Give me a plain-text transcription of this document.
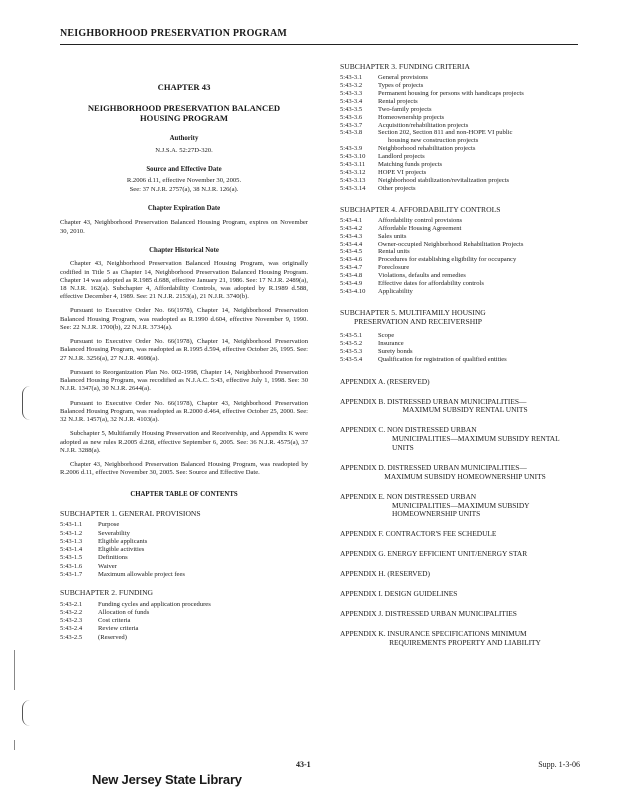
NEIGHBORHOOD PRESERVATION PROGRAM
CHAPTER 43
NEIGHBORHOOD PRESERVATION BALANCED
HOUSING PROGRAM
Authority
N.J.S.A. 52:27D-320.
Source and Effective Date
R.2006 d.11, effective November 30, 2005.
See: 37 N.J.R. 2757(a), 38 N.J.R. 126(a).
Chapter Expiration Date
Chapter 43, Neighborhood Preservation Balanced Housing Program, expires on November 30, 2010.
Chapter Historical Note
Chapter 43, Neighborhood Preservation Balanced Housing Program, was originally codified in Title 5 as Chapter 14, Neighborhood Preservation Balanced Housing Program. Chapter 14 was adopted as R.1985 d.688, effective January 21, 1986. See: 17 N.J.R. 2489(a), 18 N.J.R. 162(a). Subchapter 4, Affordability Controls, was adopted by R.1989 d.588, effective December 4, 1989. See: 21 N.J.R. 2153(a), 21 N.J.R. 3740(b).
Pursuant to Executive Order No. 66(1978), Chapter 14, Neighborhood Preservation Balanced Housing Program, was readopted as R.1990 d.604, effective November 9, 1990. See: 22 N.J.R. 1700(b), 22 N.J.R. 3734(a).
Pursuant to Executive Order No. 66(1978), Chapter 14, Neighborhood Preservation Balanced Housing Program, was readopted as R.1995 d.594, effective October 26, 1995. See: 27 N.J.R. 3256(a), 27 N.J.R. 4698(a).
Pursuant to Reorganization Plan No. 002-1998, Chapter 14, Neighborhood Preservation Balanced Housing Program, was recodified as N.J.A.C. 5:43, effective July 1, 1998. See: 30 N.J.R. 1347(a), 30 N.J.R. 2644(a).
Pursuant to Executive Order No. 66(1978), Chapter 43, Neighborhood Preservation Balanced Housing Program, was readopted as R.2000 d.464, effective October 25, 2000. See: 32 N.J.R. 1457(a), 32 N.J.R. 4103(a).
Subchapter 5, Multifamily Housing Preservation and Receivership, and Appendix K were adopted as new rules R.2005 d.268, effective September 6, 2005. See: 36 N.J.R. 4575(a), 37 N.J.R. 3288(a).
Chapter 43, Neighborhood Preservation Balanced Housing Program, was readopted by R.2006 d.11, effective November 30, 2005. See: Source and Effective Date.
CHAPTER TABLE OF CONTENTS
SUBCHAPTER 1. GENERAL PROVISIONS
5:43-1.1	Purpose
5:43-1.2	Severability
5:43-1.3	Eligible applicants
5:43-1.4	Eligible activities
5:43-1.5	Definitions
5:43-1.6	Waiver
5:43-1.7	Maximum allowable project fees
SUBCHAPTER 2. FUNDING
5:43-2.1	Funding cycles and application procedures
5:43-2.2	Allocation of funds
5:43-2.3	Cost criteria
5:43-2.4	Review criteria
5:43-2.5	(Reserved)
SUBCHAPTER 3. FUNDING CRITERIA
5:43-3.1	General provisions
5:43-3.2	Types of projects
5:43-3.3	Permanent housing for persons with handicaps projects
5:43-3.4	Rental projects
5:43-3.5	Two-family projects
5:43-3.6	Homeownership projects
5:43-3.7	Acquisition/rehabilitation projects
5:43-3.8	Section 202, Section 811 and non-HOPE VI public
housing new construction projects
5:43-3.9	Neighborhood rehabilitation projects
5:43-3.10	Landlord projects
5:43-3.11	Matching funds projects
5:43-3.12	HOPE VI projects
5:43-3.13	Neighborhood stabilization/revitalization projects
5:43-3.14	Other projects
SUBCHAPTER 4. AFFORDABILITY CONTROLS
5:43-4.1	Affordability control provisions
5:43-4.2	Affordable Housing Agreement
5:43-4.3	Sales units
5:43-4.4	Owner-occupied Neighborhood Rehabilitation Projects
5:43-4.5	Rental units
5:43-4.6	Procedures for establishing eligibility for occupancy
5:43-4.7	Foreclosure
5:43-4.8	Violations, defaults and remedies
5:43-4.9	Effective dates for affordability controls
5:43-4.10	Applicability
SUBCHAPTER 5. MULTIFAMILY HOUSING
PRESERVATION AND RECEIVERSHIP
5:43-5.1	Scope
5:43-5.2	Insurance
5:43-5.3	Surety bonds
5:43-5.4	Qualification for registration of qualified entities
APPENDIX A. (RESERVED)
APPENDIX B. DISTRESSED URBAN MUNICIPALITIES—
MAXIMUM SUBSIDY RENTAL UNITS
APPENDIX C. NON DISTRESSED URBAN
MUNICIPALITIES—MAXIMUM SUBSIDY RENTAL
UNITS
APPENDIX D. DISTRESSED URBAN MUNICIPALITIES—
MAXIMUM SUBSIDY HOMEOWNERSHIP UNITS
APPENDIX E. NON DISTRESSED URBAN
MUNICIPALITIES—MAXIMUM SUBSIDY
HOMEOWNERSHIP UNITS
APPENDIX F. CONTRACTOR'S FEE SCHEDULE
APPENDIX G. ENERGY EFFICIENT UNIT/ENERGY STAR
APPENDIX H. (RESERVED)
APPENDIX I. DESIGN GUIDELINES
APPENDIX J. DISTRESSED URBAN MUNICIPALITIES
APPENDIX K. INSURANCE SPECIFICATIONS MINIMUM
REQUIREMENTS PROPERTY AND LIABILITY
43-1	Supp. 1-3-06
New Jersey State Library
